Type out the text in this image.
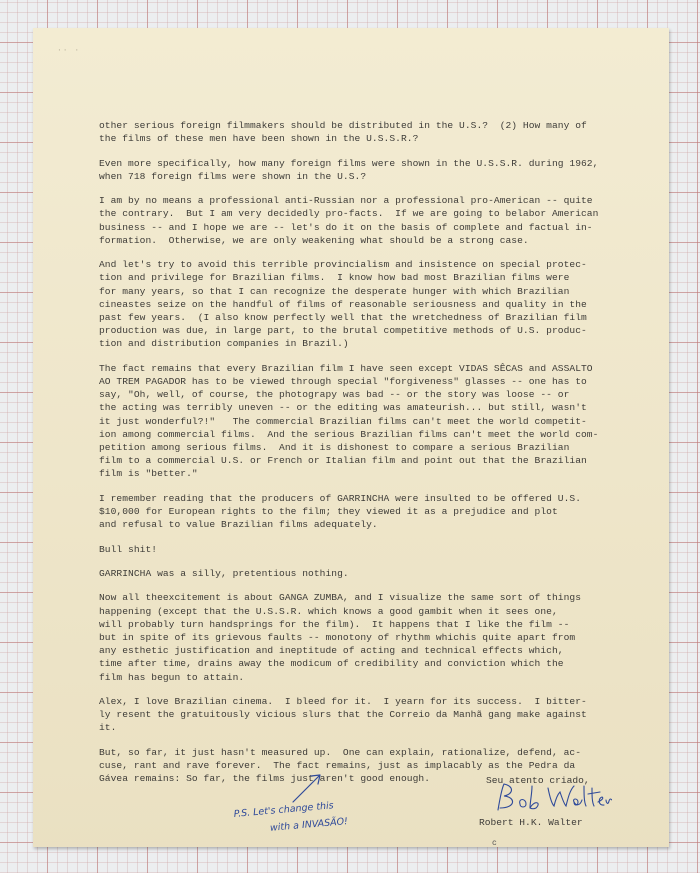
·· ·

other serious foreign filmmakers should be distributed in the U.S.?  (2) How many of
the films of these men have been shown in the U.S.S.R.?

Even more specifically, how many foreign films were shown in the U.S.S.R. during 1962,
when 718 foreign films were shown in the U.S.?

I am by no means a professional anti-Russian nor a professional pro-American -- quite
the contrary.  But I am very decidedly pro-facts.  If we are going to belabor American
business -- and I hope we are -- let's do it on the basis of complete and factual in-
formation.  Otherwise, we are only weakening what should be a strong case.

And let's try to avoid this terrible provincialism and insistence on special protec-
tion and privilege for Brazilian films.  I know how bad most Brazilian films were
for many years, so that I can recognize the desperate hunger with which Brazilian
cineastes seize on the handful of films of reasonable seriousness and quality in the
past few years.  (I also know perfectly well that the wretchedness of Brazilian film
production was due, in large part, to the brutal competitive methods of U.S. produc-
tion and distribution companies in Brazil.)

The fact remains that every Brazilian film I have seen except VIDAS SÊCAS and ASSALTO
AO TREM PAGADOR has to be viewed through special "forgiveness" glasses -- one has to
say, "Oh, well, of course, the photograpy was bad -- or the story was loose -- or
the acting was terribly uneven -- or the editing was amateurish... but still, wasn't
it just wonderful?!"   The commercial Brazilian films can't meet the world competit-
ion among commercial films.  And the serious Brazilian films can't meet the world com-
petition among serious films.  And it is dishonest to compare a serious Brazilian
film to a commercial U.S. or French or Italian film and point out that the Brazilian
film is "better."

I remember reading that the producers of GARRINCHA were insulted to be offered U.S.
$10,000 for European rights to the film; they viewed it as a prejudice and plot
and refusal to value Brazilian films adequately.

Bull shit!

GARRINCHA was a silly, pretentious nothing.

Now all theexcitement is about GANGA ZUMBA, and I visualize the same sort of things
happening (except that the U.S.S.R. which knows a good gambit when it sees one,
will probably turn handsprings for the film).  It happens that I like the film --
but in spite of its grievous faults -- monotony of rhythm whichis quite apart from
any esthetic justification and ineptitude of acting and technical effects which,
time after time, drains away the modicum of credibility and conviction which the
film has begun to attain.

Alex, I love Brazilian cinema.  I bleed for it.  I yearn for its success.  I bitter-
ly resent the gratuitously vicious slurs that the Correio da Manhã gang make against
it.

But, so far, it just hasn't measured up.  One can explain, rationalize, defend, ac-
cuse, rant and rave forever.  The fact remains, just as implacably as the Pedra da
Gávea remains: So far, the films just aren't good enough.	Seu atento criado,
Robert H.K. Walter
c
P.S. Let's change this
with a INVASÃO!
